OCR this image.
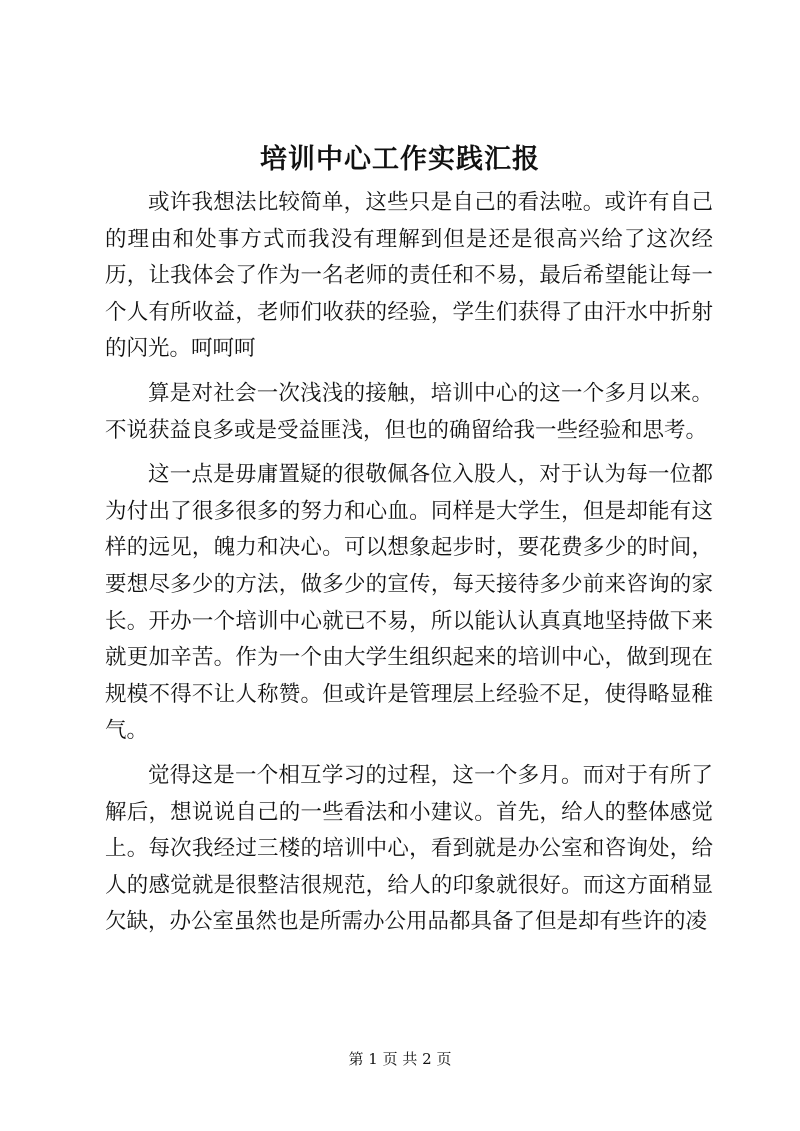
培训中心工作实践汇报

或许我想法比较简单，这些只是自己的看法啦。或许有自己的理由和处事方式而我没有理解到但是还是很高兴给了这次经历，让我体会了作为一名老师的责任和不易，最后希望能让每一个人有所收益，老师们收获的经验，学生们获得了由汗水中折射的闪光。呵呵呵

算是对社会一次浅浅的接触，培训中心的这一个多月以来。不说获益良多或是受益匪浅，但也的确留给我一些经验和思考。

这一点是毋庸置疑的很敬佩各位入股人，对于认为每一位都为付出了很多很多的努力和心血。同样是大学生，但是却能有这样的远见，魄力和决心。可以想象起步时，要花费多少的时间，要想尽多少的方法，做多少的宣传，每天接待多少前来咨询的家长。开办一个培训中心就已不易，所以能认认真真地坚持做下来就更加辛苦。作为一个由大学生组织起来的培训中心，做到现在规模不得不让人称赞。但或许是管理层上经验不足，使得略显稚气。

觉得这是一个相互学习的过程，这一个多月。而对于有所了解后，想说说自己的一些看法和小建议。首先，给人的整体感觉上。每次我经过三楼的培训中心，看到就是办公室和咨询处，给人的感觉就是很整洁很规范，给人的印象就很好。而这方面稍显欠缺，办公室虽然也是所需办公用品都具备了但是却有些许的凌

第 1 页 共 2 页
